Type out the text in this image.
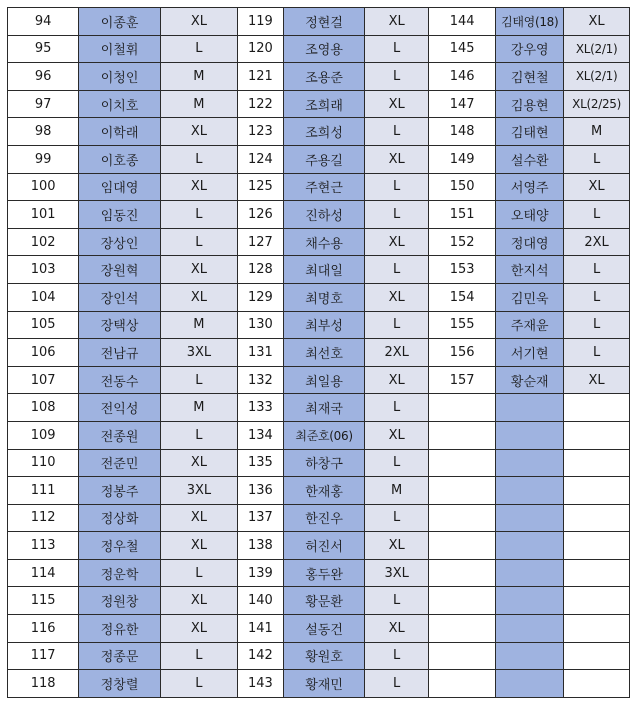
94	이종훈	XL	119	정현걸	XL	144	김태영(18)	XL
95	이철휘	L	120	조영용	L	145	강우영	XL(2/1)
96	이청인	M	121	조용준	L	146	김현철	XL(2/1)
97	이치호	M	122	조희래	XL	147	김용현	XL(2/25)
98	이학래	XL	123	조희성	L	148	김태현	M
99	이호종	L	124	주용길	XL	149	설수환	L
100	임대영	XL	125	주현근	L	150	서영주	XL
101	임동진	L	126	진하성	L	151	오태양	L
102	장상인	L	127	채수용	XL	152	정대영	2XL
103	장원혁	XL	128	최대일	L	153	한지석	L
104	장인석	XL	129	최명호	XL	154	김민욱	L
105	장택상	M	130	최부성	L	155	주재윤	L
106	전남규	3XL	131	최선호	2XL	156	서기현	L
107	전동수	L	132	최일용	XL	157	황순재	XL
108	전익성	M	133	최재국	L			
109	전종원	L	134	최준호(06)	XL			
110	전준민	XL	135	하창구	L			
111	정봉주	3XL	136	한재홍	M			
112	정상화	XL	137	한진우	L			
113	정우철	XL	138	허진서	XL			
114	정운학	L	139	홍두완	3XL			
115	정원창	XL	140	황문환	L			
116	정유한	XL	141	설동건	XL			
117	정종문	L	142	황원호	L			
118	정창렬	L	143	황재민	L			
